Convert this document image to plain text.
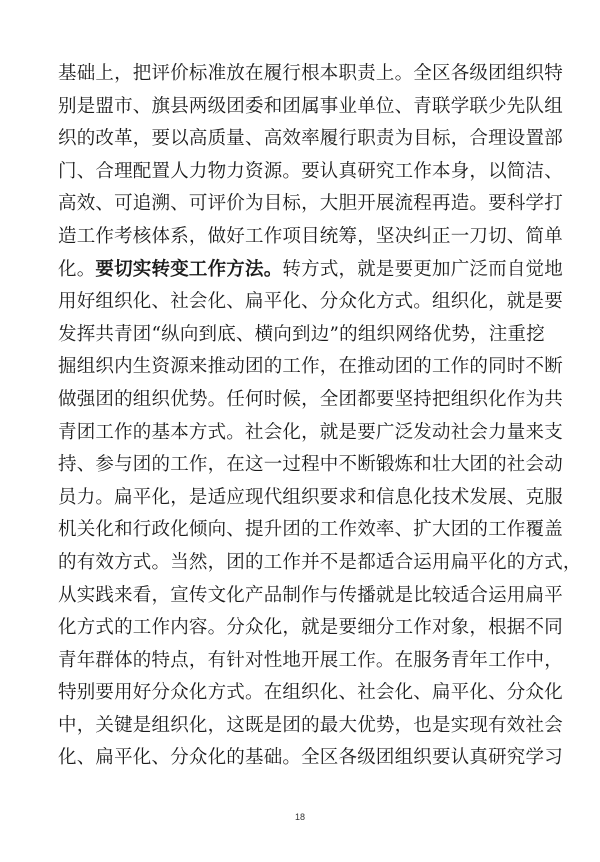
基础上，把评价标准放在履行根本职责上。全区各级团组织特
别是盟市、旗县两级团委和团属事业单位、青联学联少先队组
织的改革，要以高质量、高效率履行职责为目标，合理设置部
门、合理配置人力物力资源。要认真研究工作本身，以简洁、
高效、可追溯、可评价为目标，大胆开展流程再造。要科学打
造工作考核体系，做好工作项目统筹，坚决纠正一刀切、简单
化。要切实转变工作方法。转方式，就是要更加广泛而自觉地
用好组织化、社会化、扁平化、分众化方式。组织化，就是要
发挥共青团“纵向到底、横向到边”的组织网络优势，注重挖
掘组织内生资源来推动团的工作，在推动团的工作的同时不断
做强团的组织优势。任何时候，全团都要坚持把组织化作为共
青团工作的基本方式。社会化，就是要广泛发动社会力量来支
持、参与团的工作，在这一过程中不断锻炼和壮大团的社会动
员力。扁平化，是适应现代组织要求和信息化技术发展、克服
机关化和行政化倾向、提升团的工作效率、扩大团的工作覆盖
的有效方式。当然，团的工作并不是都适合运用扁平化的方式，
从实践来看，宣传文化产品制作与传播就是比较适合运用扁平
化方式的工作内容。分众化，就是要细分工作对象，根据不同
青年群体的特点，有针对性地开展工作。在服务青年工作中，
特别要用好分众化方式。在组织化、社会化、扁平化、分众化
中，关键是组织化，这既是团的最大优势，也是实现有效社会
化、扁平化、分众化的基础。全区各级团组织要认真研究学习
18
